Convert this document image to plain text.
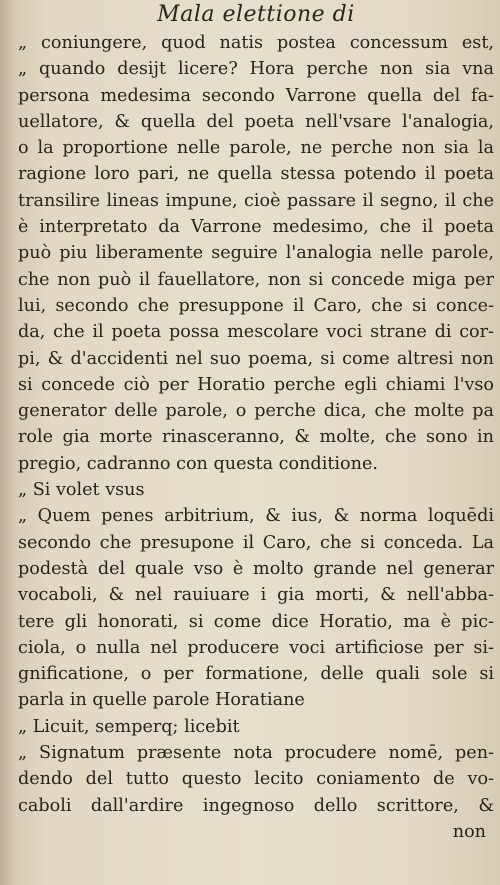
Mala elettione di
„ coniungere, quod natis postea concessum est,
„ quando desijt licere? Hora perche non sia vna
persona medesima secondo Varrone quella del fa-
uellatore, & quella del poeta nell'vsare l'analogia,
o la proportione nelle parole, ne perche non sia la
ragione loro pari, ne quella stessa potendo il poeta
transilire lineas impune, cioè passare il segno, il che
è interpretato da Varrone medesimo, che il poeta
può piu liberamente seguire l'analogia nelle parole,
che non può il fauellatore, non si concede miga per
lui, secondo che presuppone il Caro, che si conce-
da, che il poeta possa mescolare voci strane di cor-
pi, & d'accidenti nel suo poema, si come altresi non
si concede ciò per Horatio perche egli chiami l'vso
generator delle parole, o perche dica, che molte pa
role gia morte rinasceranno, & molte, che sono in
pregio, cadranno con questa conditione.
„ Si volet vsus
„ Quem penes arbitrium, & ius, & norma loquēdi
secondo che presupone il Caro, che si conceda. La
podestà del quale vso è molto grande nel generar
vocaboli, & nel rauiuare i gia morti, & nell'abba-
tere gli honorati, si come dice Horatio, ma è pic-
ciola, o nulla nel producere voci artificiose per si-
gnificatione, o per formatione, delle quali sole si
parla in quelle parole Horatiane
„ Licuit, semperq; licebit
„ Signatum præsente nota procudere nomē, pen-
dendo del tutto questo lecito coniamento de vo-
caboli dall'ardire ingegnoso dello scrittore, &
non
